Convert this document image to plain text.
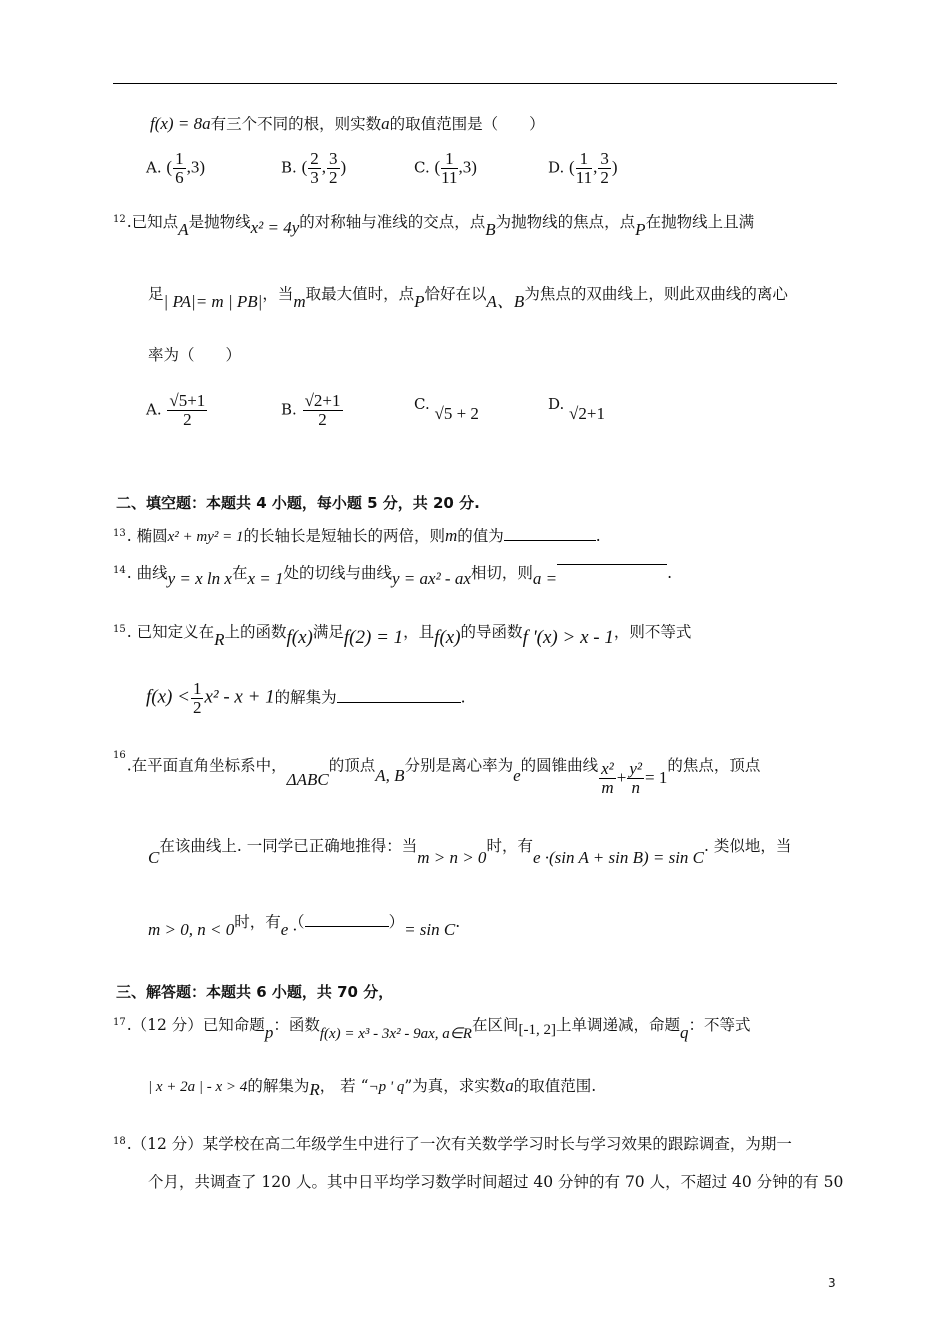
f(x) = 8a有三个不同的根，则实数a的取值范围是（　　）
A. ( $\frac{1}{6} ,3$)	B. ( $\frac{2}{3}$ , $\frac{3}{2}$ )	C. ( $\frac{1}{11} ,3$)	D. ( $\frac{1}{11}$ , $\frac{3}{2}$ )
$^{12}$.已知点A是抛物线x² = 4y的对称轴与准线的交点，点B为抛物线的焦点，点P在抛物线上且满
足| PA|= m | PB|，当m取最大值时，点P恰好在以A、B为焦点的双曲线上，则此双曲线的离心
率为（　　）
A. $\frac{√5+1}{2}$	B. $\frac{√2+1}{2}$	C. √5 + 2	D. √2+1
二、填空题：本题共 4 小题，每小题 5 分，共 20 分.
$^{13}$. 椭圆x² + my² = 1的长轴长是短轴长的两倍，则m的值为	.
$^{14}$. 曲线y = x ln x在x = 1处的切线与曲线y = ax² - ax相切，则a =	.
$^{15}$. 已知定义在R上的函数f(x)满足f(2) = 1，且f(x)的导函数f '(x) > x - 1，则不等式
$f(x) < \frac{1}{2} x^2 - x + 1$的解集为	.
$^{16}$.在平面直角坐标系中，ΔABC的顶点A, B分别是离心率为e的圆锥曲线 $\frac{\text{x²}}{m} + \frac{\text{y²}}{n} = 1$的焦点，顶点
C在该曲线上. 一同学已正确地推得：当m > n > 0时，有e ·(sin A + sin B) = sin C. 类似地，当
m > 0, n < 0时，有e ·（	）= sin C.
三、解答题：本题共 6 小题，共 70 分，
$^{17}$.（12 分）已知命题p：函数f(x) = x³ - 3x² - 9ax, a∈R在区间[-1, 2]上单调递减，命题q：不等式
| x + 2a | - x > 4的解集为R， 若 “¬p ' q”为真，求实数a的取值范围.
$^{18}$.（12 分）某学校在高二年级学生中进行了一次有关数学学习时长与学习效果的跟踪调查，为期一
个月，共调查了 120 人。其中日平均学习数学时间超过 40 分钟的有 70 人，不超过 40 分钟的有 50
3
